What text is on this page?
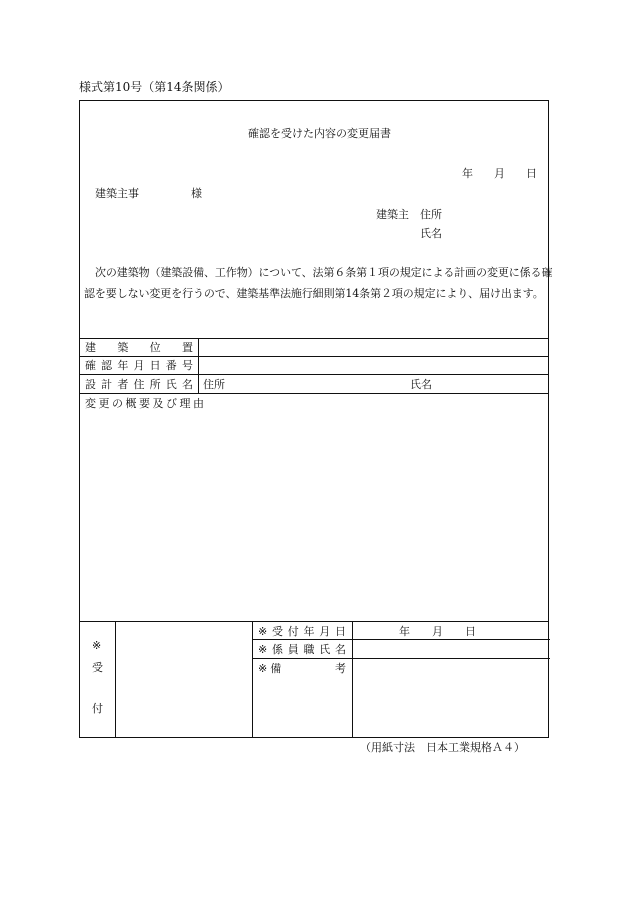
様式第10号（第14条関係）
確認を受けた内容の変更届書
年 月 日
建築主事	様
建築主 住所
氏名
次の建築物（建築設備、工作物）について、法第６条第１項の規定による計画の変更に係る確
認を要しない変更を行うので、建築基準法施行細則第14条第２項の規定により、届け出ます。
建 築 位 置
確 認 年 月 日 番 号
設 計 者 住 所 氏 名 住所	氏名
変更の概要及び理由
※
受
付
※ 受 付 年 月 日	年 月 日
※ 係 員 職 氏 名
※ 備	考
（用紙寸法　日本工業規格Ａ４）
